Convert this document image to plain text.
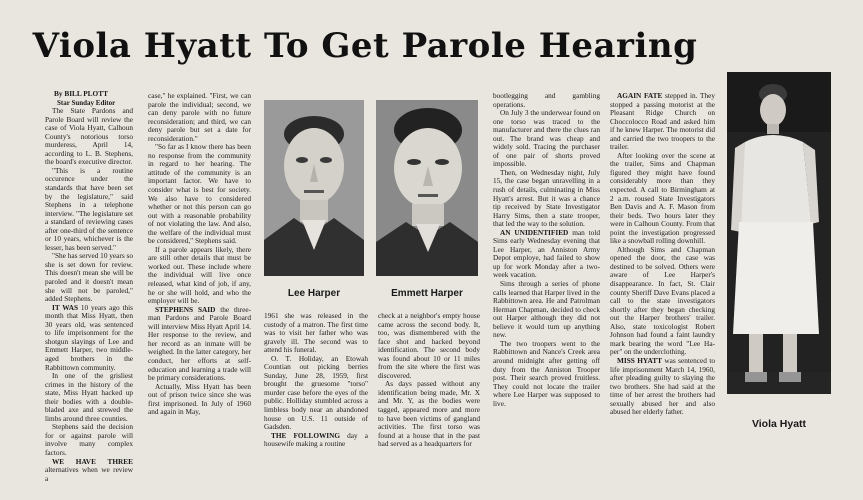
Viola Hyatt To Get Parole Hearing

By BILL PLOTT

Star Sunday Editor

The State Pardons and Parole Board will review the case of Viola Hyatt, Calhoun County's notorious torso murderess, April 14, according to L. B. Stephens, the board's executive director.

"This is a routine occurence under the standards that have been set by the legislature," said Stephens in a telephone interview. "The legislature set a standard of reviewing cases after one-third of the sentence or 10 years, whichever is the lesser, has been served."

"She has served 10 years so she is set down for review. This doesn't mean she will be paroled and it doesn't mean she will not be paroled," added Stephens.

IT WAS 10 years ago this month that Miss Hyatt, then 30 years old, was sentenced to life imprisonment for the shotgun slayings of Lee and Emmett Harper, two middle-aged brothers in the Rabbittown community.

In one of the grisliest crimes in the history of the state, Miss Hyatt hacked up their bodies with a double-bladed axe and strewed the limbs around three counties.

Stephens said the decision for or against parole will involve many complex factors.

WE HAVE THREE alternatives when we review a

case," he explained. "First, we can parole the individual; second, we can deny parole with no future reconsideration; and third, we can deny parole but set a date for reconsideration."

"So far as I know there has been no response from the community in regard to her hearing. The attitude of the community is an important factor. We have to consider what is best for society. We also have to considered whether or not this person can go out with a reasonable probability of not violating the law. And also, the welfare of the individual must be considered," Stephens said.

If a parole appears likely, there are still other details that must be worked out. These include where the individual will live once released, what kind of job, if any, he or she will hold, and who the employer will be.

STEPHENS SAID the three-man Pardons and Parole Board will interview Miss Hyatt April 14. Her response to the review, and her record as an inmate will be weighed. In the latter category, her conduct, her efforts at self-education and learning a trade will be primary considerations.

Actually, Miss Hyatt has been out of prison twice since she was first imprisoned. In July of 1960 and again in May,

Lee Harper	Emmett Harper

1961 she was released in the custody of a matron. The first time was to visit her father who was gravely ill. The second was to attend his funeral.

O. T. Holiday, an Etowah Countian out picking berries Sunday, June 28, 1959, first brought the gruesome "torso" murder case before the eyes of the public. Holliday stumbled across a limbless body near an abandoned house on U.S. 11 outside of Gadsden.

THE FOLLOWING day a housewife making a routine

check at a neighbor's empty house came across the second body. It, too, was dismembered with the face shot and hacked beyond identification. The second body was found about 10 or 11 miles from the site where the first was discovered.

As days passed without any identification being made, Mr. X and Mr. Y, as the bodies were tagged, appeared more and more to have been victims of gangland activities. The first torso was found at a house that in the past had served as a headquarters for

bootlegging and gambling operations.

On July 3 the underwear found on one torso was traced to the manufacturer and there the clues ran out. The brand was cheap and widely sold. Tracing the purchaser of one pair of shorts proved impossible.

Then, on Wednesday night, July 15, the case began unravelling in a rush of details, culminating in Miss Hyatt's arrest. But it was a chance tip received by State Investigator Harry Sims, then a state trooper, that led the way to the solution.

AN UNIDENTIFIED man told Sims early Wednesday evening that Lee Harper, an Anniston Army Depot employe, had failed to show up for work Monday after a two-week vacation.

Sims through a series of phone calls learned that Harper lived in the Rabbittown area. He and Patrolman Herman Chapman, decided to check out Harper although they did not believe it would turn up anything new.

The two troopers went to the Rabbittown and Nance's Creek area around midnight after getting off duty from the Anniston Trooper post. Their search proved fruitless. They could not locate the trailer where Lee Harper was supposed to live.

AGAIN FATE stepped in. They stopped a passing motorist at the Pleasant Ridge Church on Choccolocco Road and asked him if he knew Harper. The motorist did and carried the two troopers to the trailer.

After looking over the scene at the trailer, Sims and Chapman figured they might have found considerably more than they expected. A call to Birmingham at 2 a.m. roused State Investigators Ben Davis and A. F. Mason from their beds. Two hours later they were in Calhoun County. From that point the investigation progressed like a snowball rolling downhill.

Although Sims and Chapman opened the door, the case was destined to be solved. Others were aware of Lee Harper's disappearance. In fact, St. Clair county Sheriff Dave Evans placed a call to the state investigators shortly after they began checking out the Harper brothers' trailer. Also, state toxicologist Robert Johnson had found a faint laundry mark bearing the word "Lee Ha-per" on the underclothing.

MISS HYATT was sentenced to life imprisonment March 14, 1960, after pleading guilty to slaying the two brothers. She had said at the time of her arrest the brothers had sexually abused her and also abused her elderly father.

Viola Hyatt
